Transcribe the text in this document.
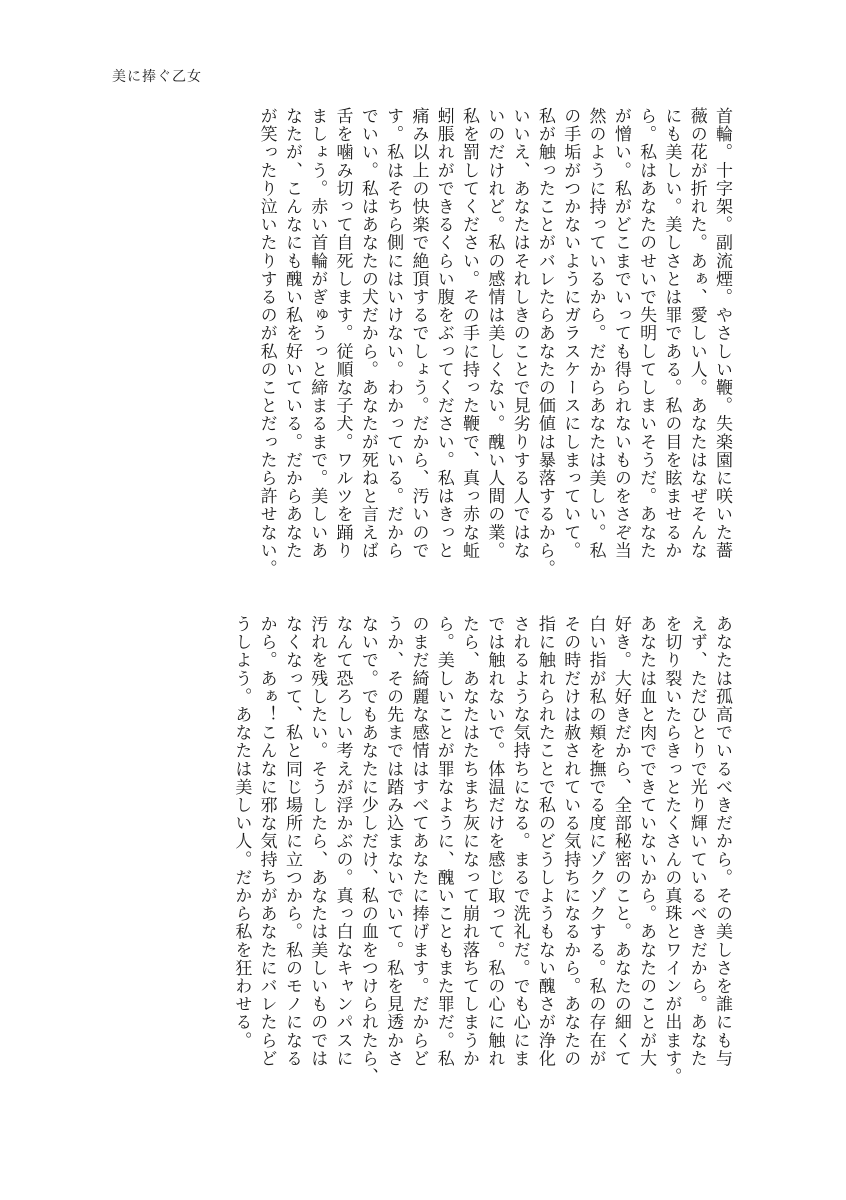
美に捧ぐ乙女
首輪。十字架。副流煙。やさしい鞭。失楽園に咲いた薔
薇の花が折れた。あぁ、愛しい人。あなたはなぜそんな
にも美しい。美しさとは罪である。私の目を眩ませるか
ら。私はあなたのせいで失明してしまいそうだ。あなた
が憎い。私がどこまでいっても得られないものをさぞ当
然のように持っているから。だからあなたは美しい。私
の手垢がつかないようにガラスケースにしまっていて。
私が触ったことがバレたらあなたの価値は暴落するから。
いいえ、あなたはそれしきのことで見劣りする人ではな
いのだけれど。私の感情は美しくない。醜い人間の業。
私を罰してください。その手に持った鞭で、真っ赤な蚯
蚓脹れができるくらい腹をぶってください。私はきっと
痛み以上の快楽で絶頂するでしょう。だから、汚いので
す。私はそちら側にはいけない。わかっている。だから
でいい。私はあなたの犬だから。あなたが死ねと言えば
舌を噛み切って自死します。従順な子犬。ワルツを踊り
ましょう。赤い首輪がぎゅうっと締まるまで。美しいあ
なたが、こんなにも醜い私を好いている。だからあなた
が笑ったり泣いたりするのが私のことだったら許せない。
あなたは孤高でいるべきだから。その美しさを誰にも与
えず、ただひとりで光り輝いているべきだから。あなた
を切り裂いたらきっとたくさんの真珠とワインが出ます。
あなたは血と肉でできていないから。あなたのことが大
好き。大好きだから、全部秘密のこと。あなたの細くて
白い指が私の頬を撫でる度にゾクゾクする。私の存在が
その時だけは赦されている気持ちになるから。あなたの
指に触れられたことで私のどうしようもない醜さが浄化
されるような気持ちになる。まるで洗礼だ。でも心にま
では触れないで。体温だけを感じ取って。私の心に触れ
たら、あなたはたちまち灰になって崩れ落ちてしまうか
ら。美しいことが罪なように、醜いこともまた罪だ。私
のまだ綺麗な感情はすべてあなたに捧げます。だからど
うか、その先までは踏み込まないでいて。私を見透かさ
ないで。でもあなたに少しだけ、私の血をつけられたら、
なんて恐ろしい考えが浮かぶの。真っ白なキャンパスに
汚れを残したい。そうしたら、あなたは美しいものでは
なくなって、私と同じ場所に立つから。私のモノになる
から。あぁ！こんなに邪な気持ちがあなたにバレたらど
うしよう。あなたは美しい人。だから私を狂わせる。
